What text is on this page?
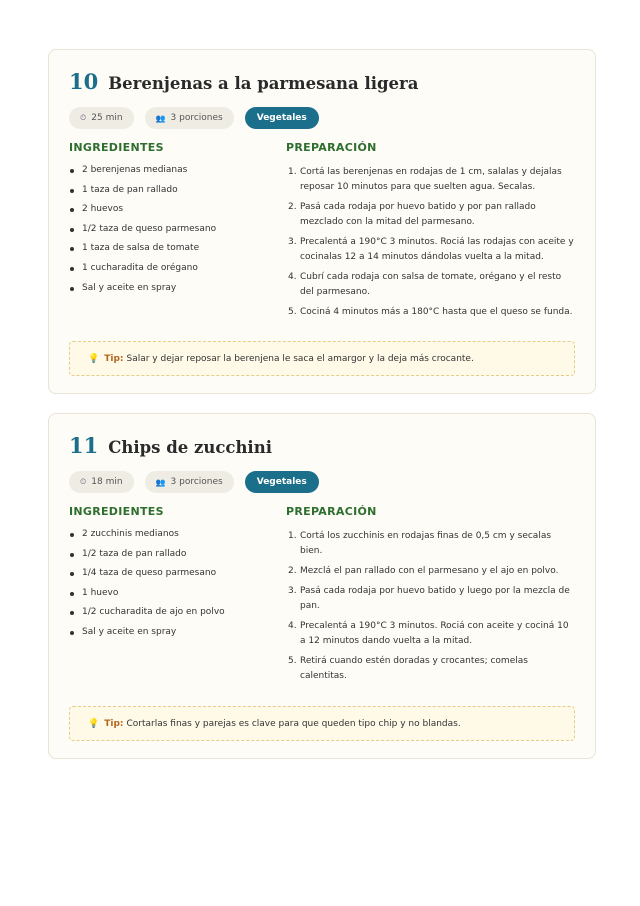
10 Berenjenas a la parmesana ligera
⏲ 25 min	👥 3 porciones	Vegetales
INGREDIENTES
2 berenjenas medianas
1 taza de pan rallado
2 huevos
1/2 taza de queso parmesano
1 taza de salsa de tomate
1 cucharadita de orégano
Sal y aceite en spray
PREPARACIÓN
1. Cortá las berenjenas en rodajas de 1 cm, salalas y dejalas reposar 10 minutos para que suelten agua. Secalas.
2. Pasá cada rodaja por huevo batido y por pan rallado mezclado con la mitad del parmesano.
3. Precalentá a 190°C 3 minutos. Rociá las rodajas con aceite y cocinalas 12 a 14 minutos dándolas vuelta a la mitad.
4. Cubrí cada rodaja con salsa de tomate, orégano y el resto del parmesano.
5. Cociná 4 minutos más a 180°C hasta que el queso se funda.
💡 Tip: Salar y dejar reposar la berenjena le saca el amargor y la deja más crocante.
11 Chips de zucchini
⏲ 18 min	👥 3 porciones	Vegetales
INGREDIENTES
2 zucchinis medianos
1/2 taza de pan rallado
1/4 taza de queso parmesano
1 huevo
1/2 cucharadita de ajo en polvo
Sal y aceite en spray
PREPARACIÓN
1. Cortá los zucchinis en rodajas finas de 0,5 cm y secalas bien.
2. Mezclá el pan rallado con el parmesano y el ajo en polvo.
3. Pasá cada rodaja por huevo batido y luego por la mezcla de pan.
4. Precalentá a 190°C 3 minutos. Rociá con aceite y cociná 10 a 12 minutos dando vuelta a la mitad.
5. Retirá cuando estén doradas y crocantes; comelas calentitas.
💡 Tip: Cortarlas finas y parejas es clave para que queden tipo chip y no blandas.
